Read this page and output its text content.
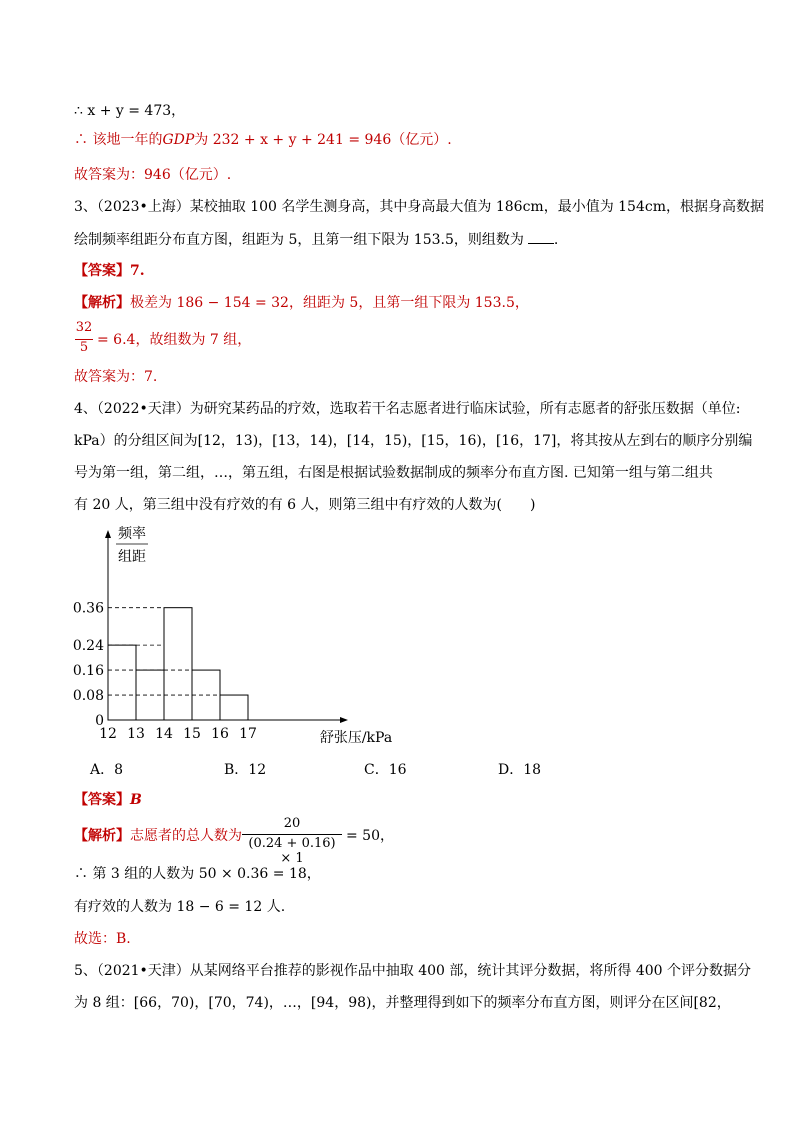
∴ x + y = 473，
∴ 该地一年的GDP为 232 + x + y + 241 = 946（亿元）.
故答案为：946（亿元）.
3、（2023•上海）某校抽取 100 名学生测身高，其中身高最大值为 186cm，最小值为 154cm，根据身高数据
绘制频率组距分布直方图，组距为 5，且第一组下限为 153.5，则组数为 .
【答案】7.
【解析】极差为 186 − 154 = 32，组距为 5，且第一组下限为 153.5，
32
5 = 6.4，故组数为 7 组，
故答案为：7.
4、（2022•天津）为研究某药品的疗效，选取若干名志愿者进行临床试验，所有志愿者的舒张压数据（单位:
kPa）的分组区间为[12，13)，[13，14)，[14，15)，[15，16)，[16，17]，将其按从左到右的顺序分别编
号为第一组，第二组，…，第五组，右图是根据试验数据制成的频率分布直方图. 已知第一组与第二组共
有 20 人，第三组中没有疗效的有 6 人，则第三组中有疗效的人数为( )
0
0.08
0.16
0.24
0.36
12 13 14 15 16 17	舒张压/kPa
频率
组距
A．8	B．12	C．16	D．18
【答案】B
【解析】志愿者的总人数为
20
(0.24 + 0.16) × 1
= 50，
∴ 第 3 组的人数为 50 × 0.36 = 18，
有疗效的人数为 18 − 6 = 12 人.
故选：B.
5、（2021•天津）从某网络平台推荐的影视作品中抽取 400 部，统计其评分数据，将所得 400 个评分数据分
为 8 组：[66，70)，[70，74)，…，[94，98)，并整理得到如下的频率分布直方图，则评分在区间[82，
